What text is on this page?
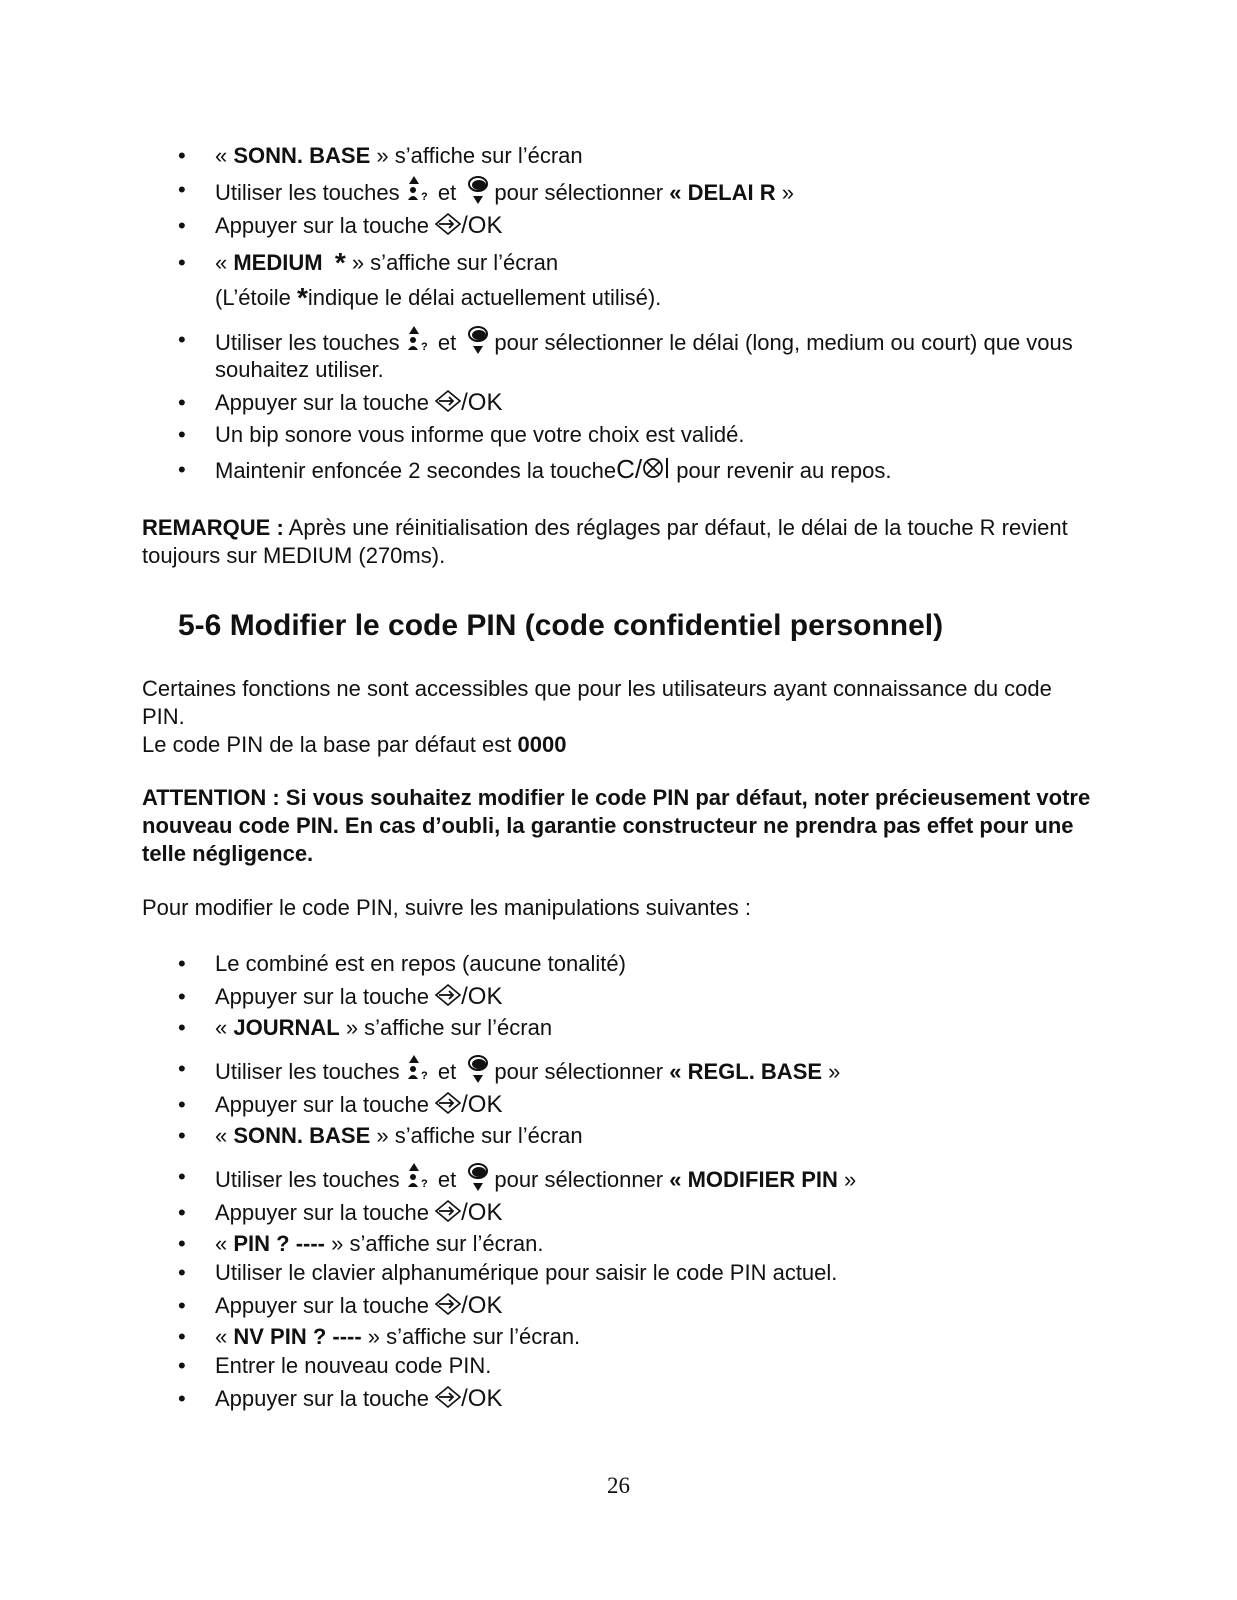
• « SONN. BASE » s’affiche sur l’écran
• Utiliser les touches ? et pour sélectionner « DELAI R »
• Appuyer sur la touche /OK
• « MEDIUM * » s’affiche sur l’écran
(L’étoile *indique le délai actuellement utilisé).
• Utiliser les touches ? et pour sélectionner le délai (long, medium ou court) que vous souhaitez utiliser.
• Appuyer sur la touche /OK
• Un bip sonore vous informe que votre choix est validé.
• Maintenir enfoncée 2 secondes la toucheC/ pour revenir au repos.
REMARQUE : Après une réinitialisation des réglages par défaut, le délai de la touche R revient toujours sur MEDIUM (270ms).
5-6 Modifier le code PIN (code confidentiel personnel)
Certaines fonctions ne sont accessibles que pour les utilisateurs ayant connaissance du code PIN.
Le code PIN de la base par défaut est 0000
ATTENTION : Si vous souhaitez modifier le code PIN par défaut, noter précieusement votre nouveau code PIN. En cas d’oubli, la garantie constructeur ne prendra pas effet pour une telle négligence.
Pour modifier le code PIN, suivre les manipulations suivantes :
• Le combiné est en repos (aucune tonalité)
• Appuyer sur la touche /OK
• « JOURNAL » s’affiche sur l’écran
• Utiliser les touches ? et pour sélectionner « REGL. BASE »
• Appuyer sur la touche /OK
• « SONN. BASE » s’affiche sur l’écran
• Utiliser les touches ? et pour sélectionner « MODIFIER PIN »
• Appuyer sur la touche /OK
• « PIN ? ---- » s’affiche sur l’écran.
• Utiliser le clavier alphanumérique pour saisir le code PIN actuel.
• Appuyer sur la touche /OK
• « NV PIN ? ---- » s’affiche sur l’écran.
• Entrer le nouveau code PIN.
• Appuyer sur la touche /OK
26
